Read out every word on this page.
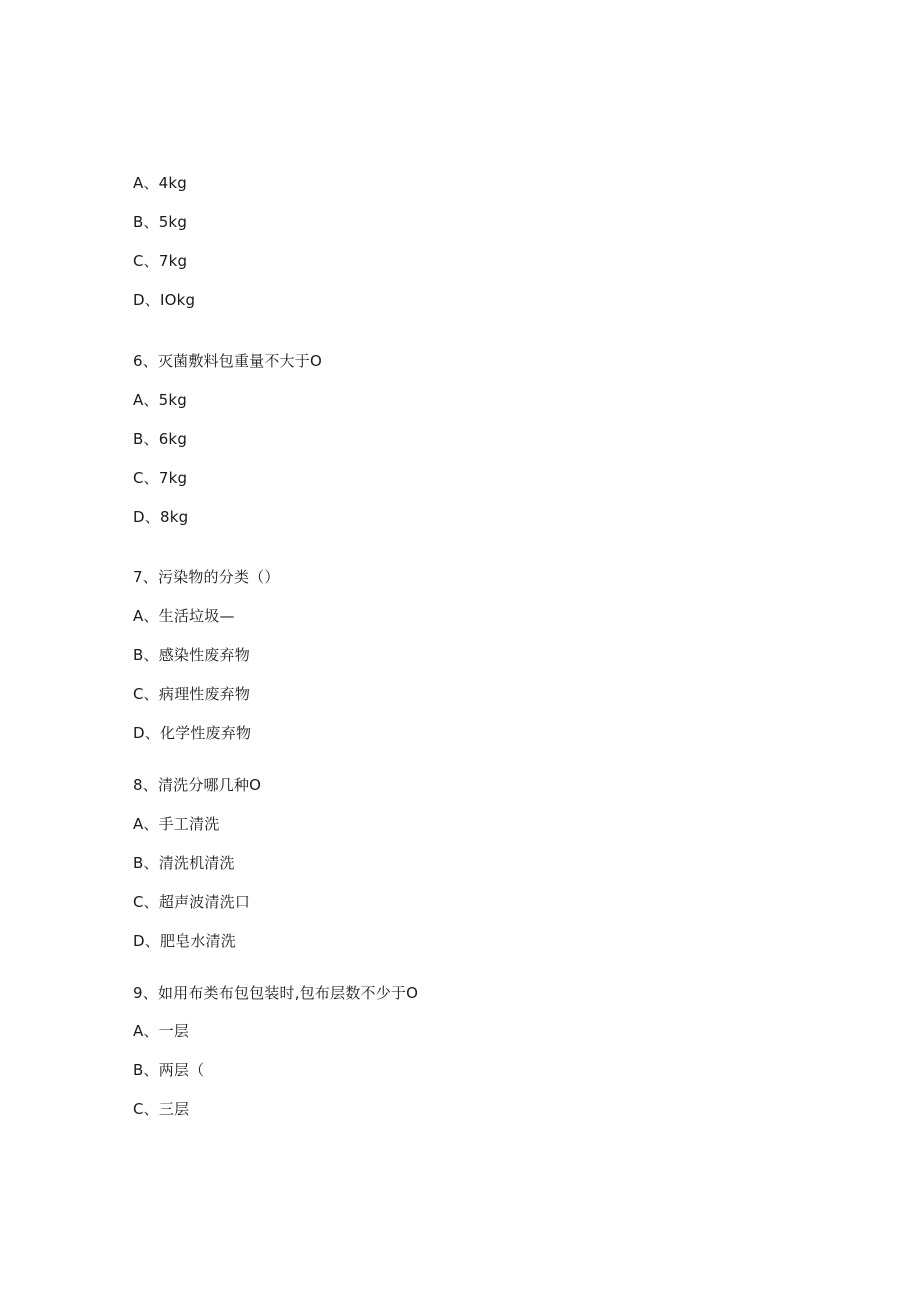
A、4kg
B、5kg
C、7kg
D、IOkg
6、灭菌敷料包重量不大于O
A、5kg
B、6kg
C、7kg
D、8kg
7、污染物的分类（）
A、生活垃圾—
B、感染性废弃物
C、病理性废弃物
D、化学性废弃物
8、清洗分哪几种O
A、手工清洗
B、清洗机清洗
C、超声波清洗口
D、肥皂水清洗
9、如用布类布包包装时,包布层数不少于O
A、一层
B、两层（
C、三层
